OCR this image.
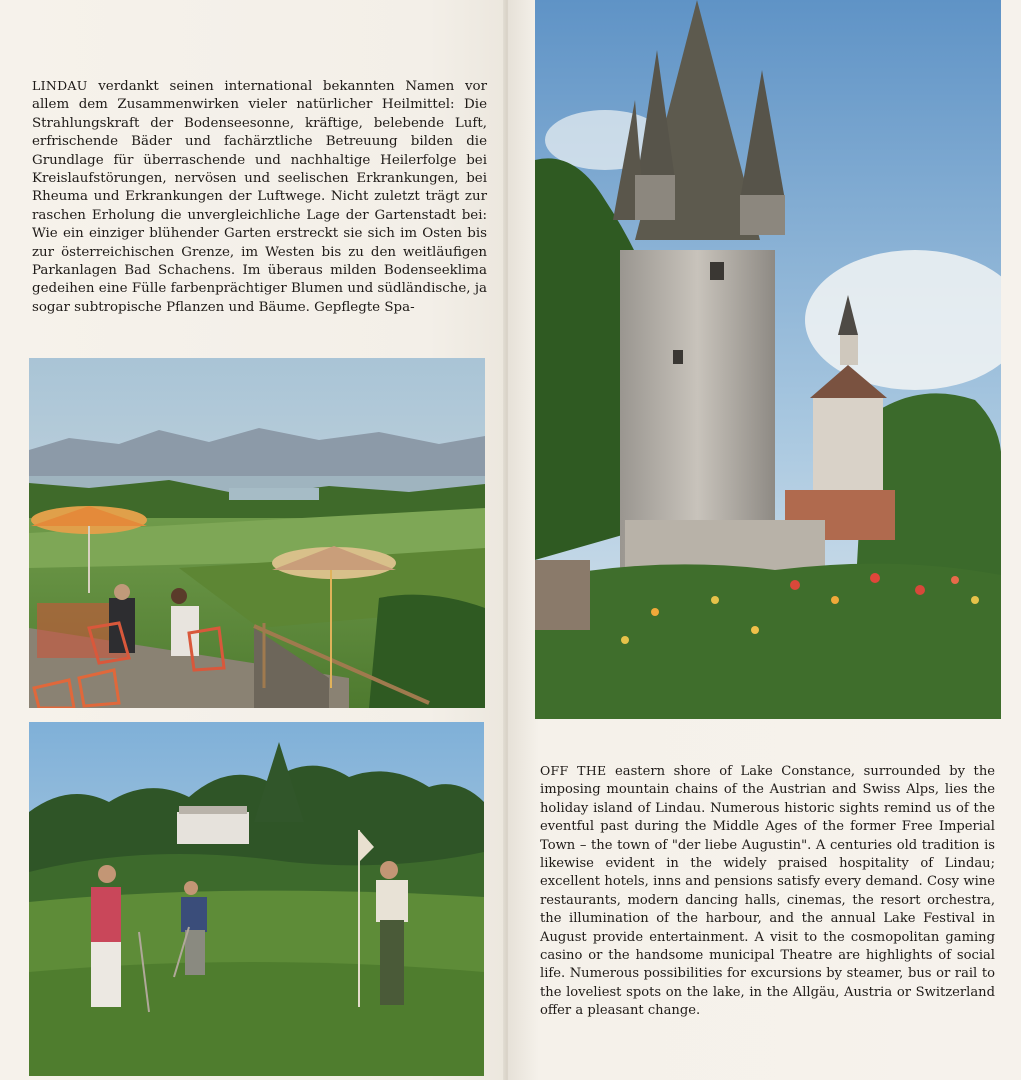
LINDAU verdankt seinen international bekannten Namen vor allem dem Zusammenwirken vieler natürlicher Heilmittel: Die Strahlungskraft der Bodenseesonne, kräftige, belebende Luft, erfrischende Bäder und fachärztliche Betreuung bilden die Grundlage für überraschende und nachhaltige Heilerfolge bei Kreislaufstörungen, nervösen und seelischen Erkrankungen, bei Rheuma und Erkrankungen der Luftwege. Nicht zuletzt trägt zur raschen Erholung die unvergleichliche Lage der Gartenstadt bei: Wie ein einziger blühender Garten erstreckt sie sich im Osten bis zur österreichischen Grenze, im Westen bis zu den weitläufigen Parkanlagen Bad Schachens. Im überaus milden Bodenseeklima gedeihen eine Fülle farbenprächtiger Blumen und südländische, ja sogar subtropische Pflanzen und Bäume. Gepflegte Spa-

OFF THE eastern shore of Lake Constance, surrounded by the imposing mountain chains of the Austrian and Swiss Alps, lies the holiday island of Lindau. Numerous historic sights remind us of the eventful past during the Middle Ages of the former Free Imperial Town – the town of "der liebe Augustin". A centuries old tradition is likewise evident in the widely praised hospitality of Lindau; excellent hotels, inns and pensions satisfy every demand. Cosy wine restaurants, modern dancing halls, cinemas, the resort orchestra, the illumination of the harbour, and the annual Lake Festival in August provide entertainment. A visit to the cosmopolitan gaming casino or the handsome municipal Theatre are highlights of social life. Numerous possibilities for excursions by steamer, bus or rail to the loveliest spots on the lake, in the Allgäu, Austria or Switzerland offer a pleasant change.
